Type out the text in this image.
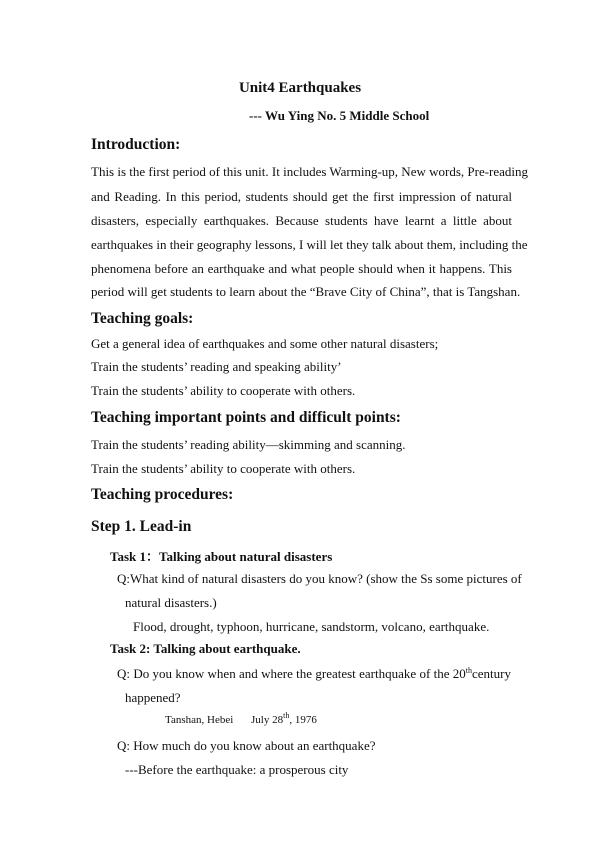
Unit4 Earthquakes
--- Wu Ying No. 5 Middle School
Introduction:
This is the first period of this unit. It includes Warming-up, New words, Pre-reading
and Reading. In this period, students should get the first impression of natural
disasters, especially earthquakes. Because students have learnt a little about
earthquakes in their geography lessons, I will let they talk about them, including the
phenomena before an earthquake and what people should when it happens. This
period will get students to learn about the “Brave City of China”, that is Tangshan.
Teaching goals:
Get a general idea of earthquakes and some other natural disasters;
Train the students’ reading and speaking ability’
Train the students’ ability to cooperate with others.
Teaching important points and difficult points:
Train the students’ reading ability—skimming and scanning.
Train the students’ ability to cooperate with others.
Teaching procedures:
Step 1. Lead-in
Task 1：Talking about natural disasters
Q:What kind of natural disasters do you know? (show the Ss some pictures of
natural disasters.)
Flood, drought, typhoon, hurricane, sandstorm, volcano, earthquake.
Task 2: Talking about earthquake.
Q: Do you know when and where the greatest earthquake of the 20thcentury
happened?
Tanshan, Hebei July 28th, 1976
Q: How much do you know about an earthquake?
---Before the earthquake: a prosperous city
